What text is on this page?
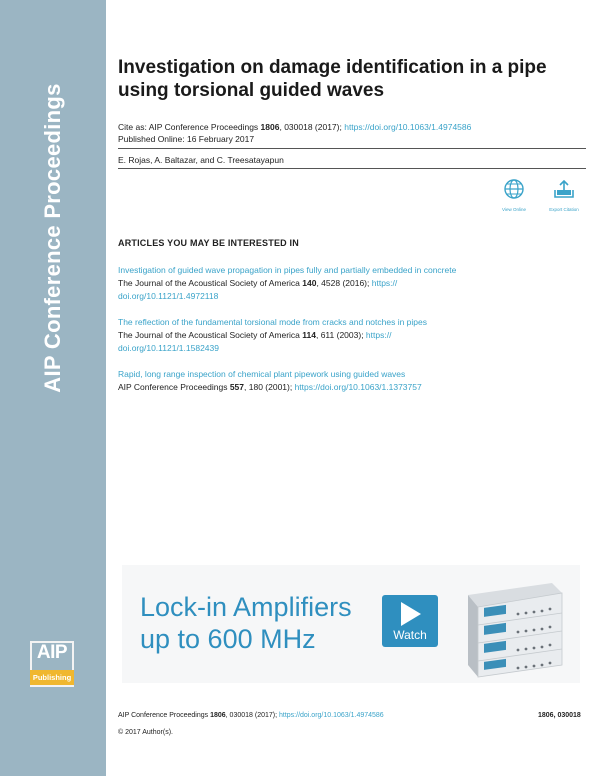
AIP Conference Proceedings
AIP
Publishing
Investigation on damage identification in a pipe using torsional guided waves
Cite as: AIP Conference Proceedings 1806, 030018 (2017); https://doi.org/10.1063/1.4974586
Published Online: 16 February 2017
E. Rojas, A. Baltazar, and C. Treesatayapun
View Online	Export Citation
ARTICLES YOU MAY BE INTERESTED IN
Investigation of guided wave propagation in pipes fully and partially embedded in concrete
The Journal of the Acoustical Society of America 140, 4528 (2016); https://
doi.org/10.1121/1.4972118
The reflection of the fundamental torsional mode from cracks and notches in pipes
The Journal of the Acoustical Society of America 114, 611 (2003); https://
doi.org/10.1121/1.1582439
Rapid, long range inspection of chemical plant pipework using guided waves
AIP Conference Proceedings 557, 180 (2001); https://doi.org/10.1063/1.1373757
Lock-in Amplifiers
up to 600 MHz	Watch
AIP Conference Proceedings 1806, 030018 (2017); https://doi.org/10.1063/1.4974586	1806, 030018
© 2017 Author(s).
